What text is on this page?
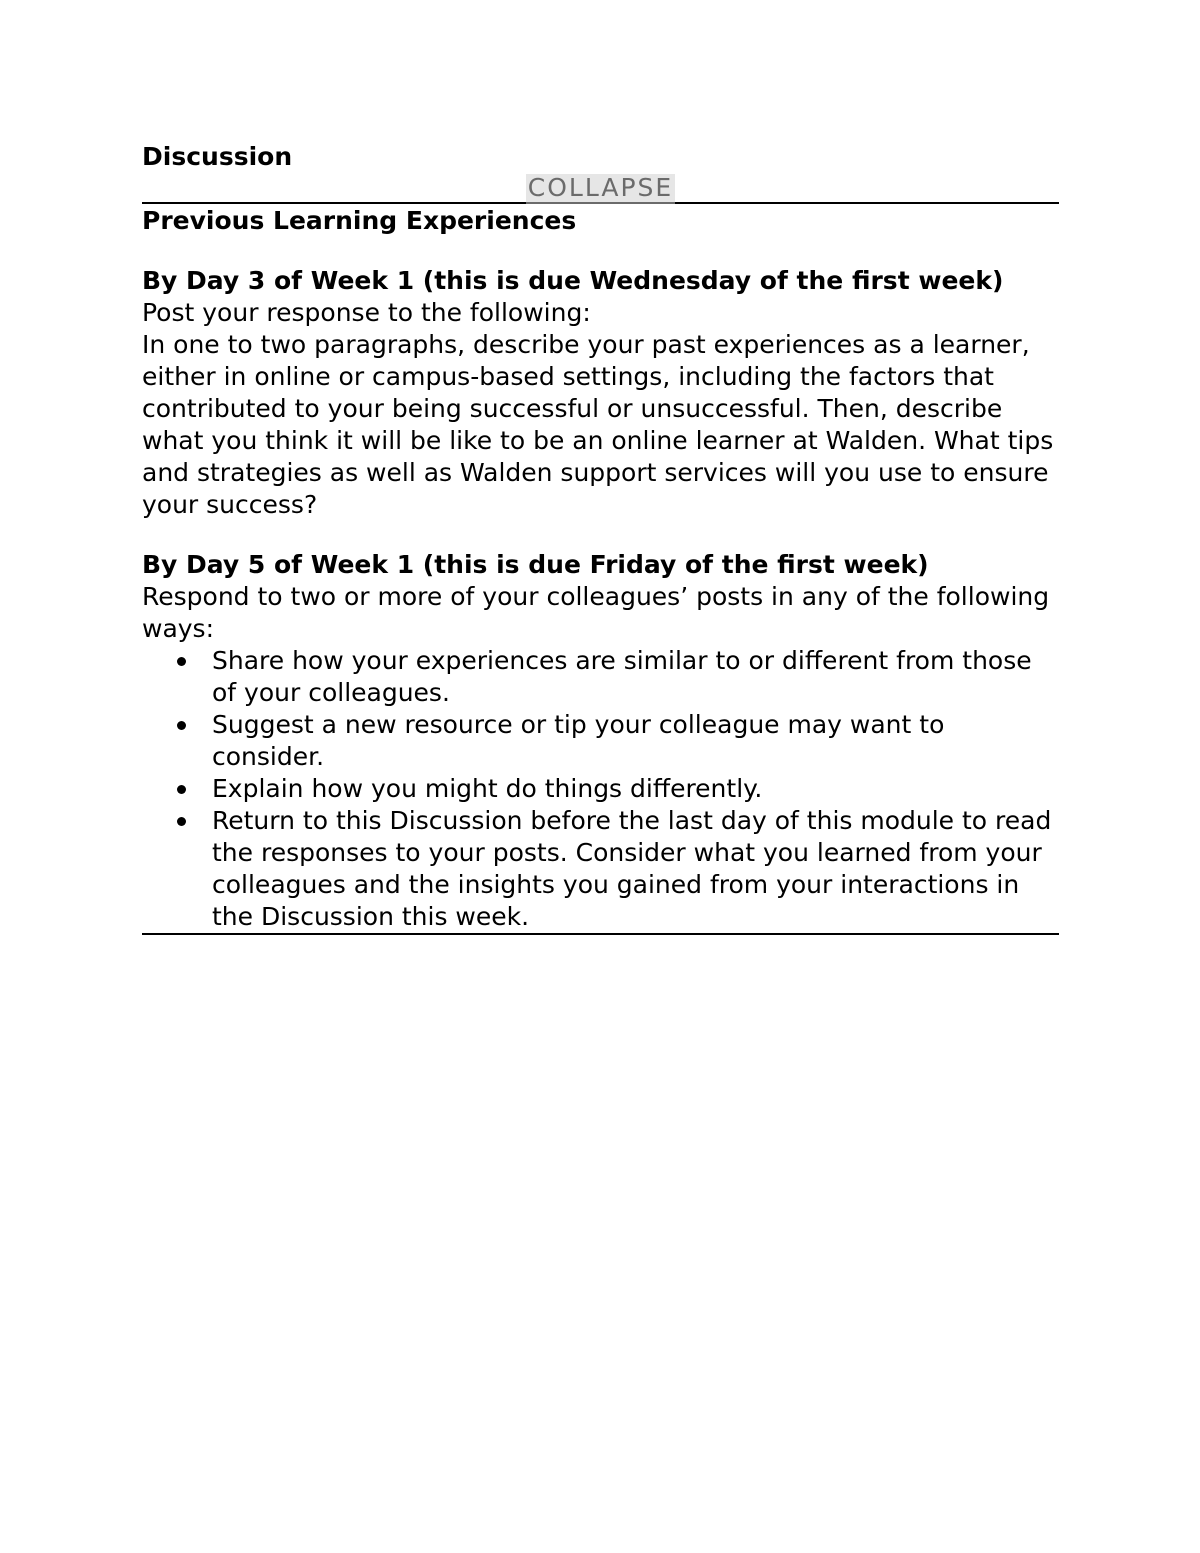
Discussion
COLLAPSE
Previous Learning Experiences

By Day 3 of Week 1 (this is due Wednesday of the first week)

Post your response to the following:

In one to two paragraphs, describe your past experiences as a learner, either in online or campus-based settings, including the factors that contributed to your being successful or unsuccessful. Then, describe what you think it will be like to be an online learner at Walden. What tips and strategies as well as Walden support services will you use to ensure your success?

By Day 5 of Week 1 (this is due Friday of the first week)

Respond to two or more of your colleagues’ posts in any of the following ways:

Share how your experiences are similar to or different from those of your colleagues.
Suggest a new resource or tip your colleague may want to consider.
Explain how you might do things differently.
Return to this Discussion before the last day of this module to read the responses to your posts. Consider what you learned from your colleagues and the insights you gained from your interactions in the Discussion this week.
